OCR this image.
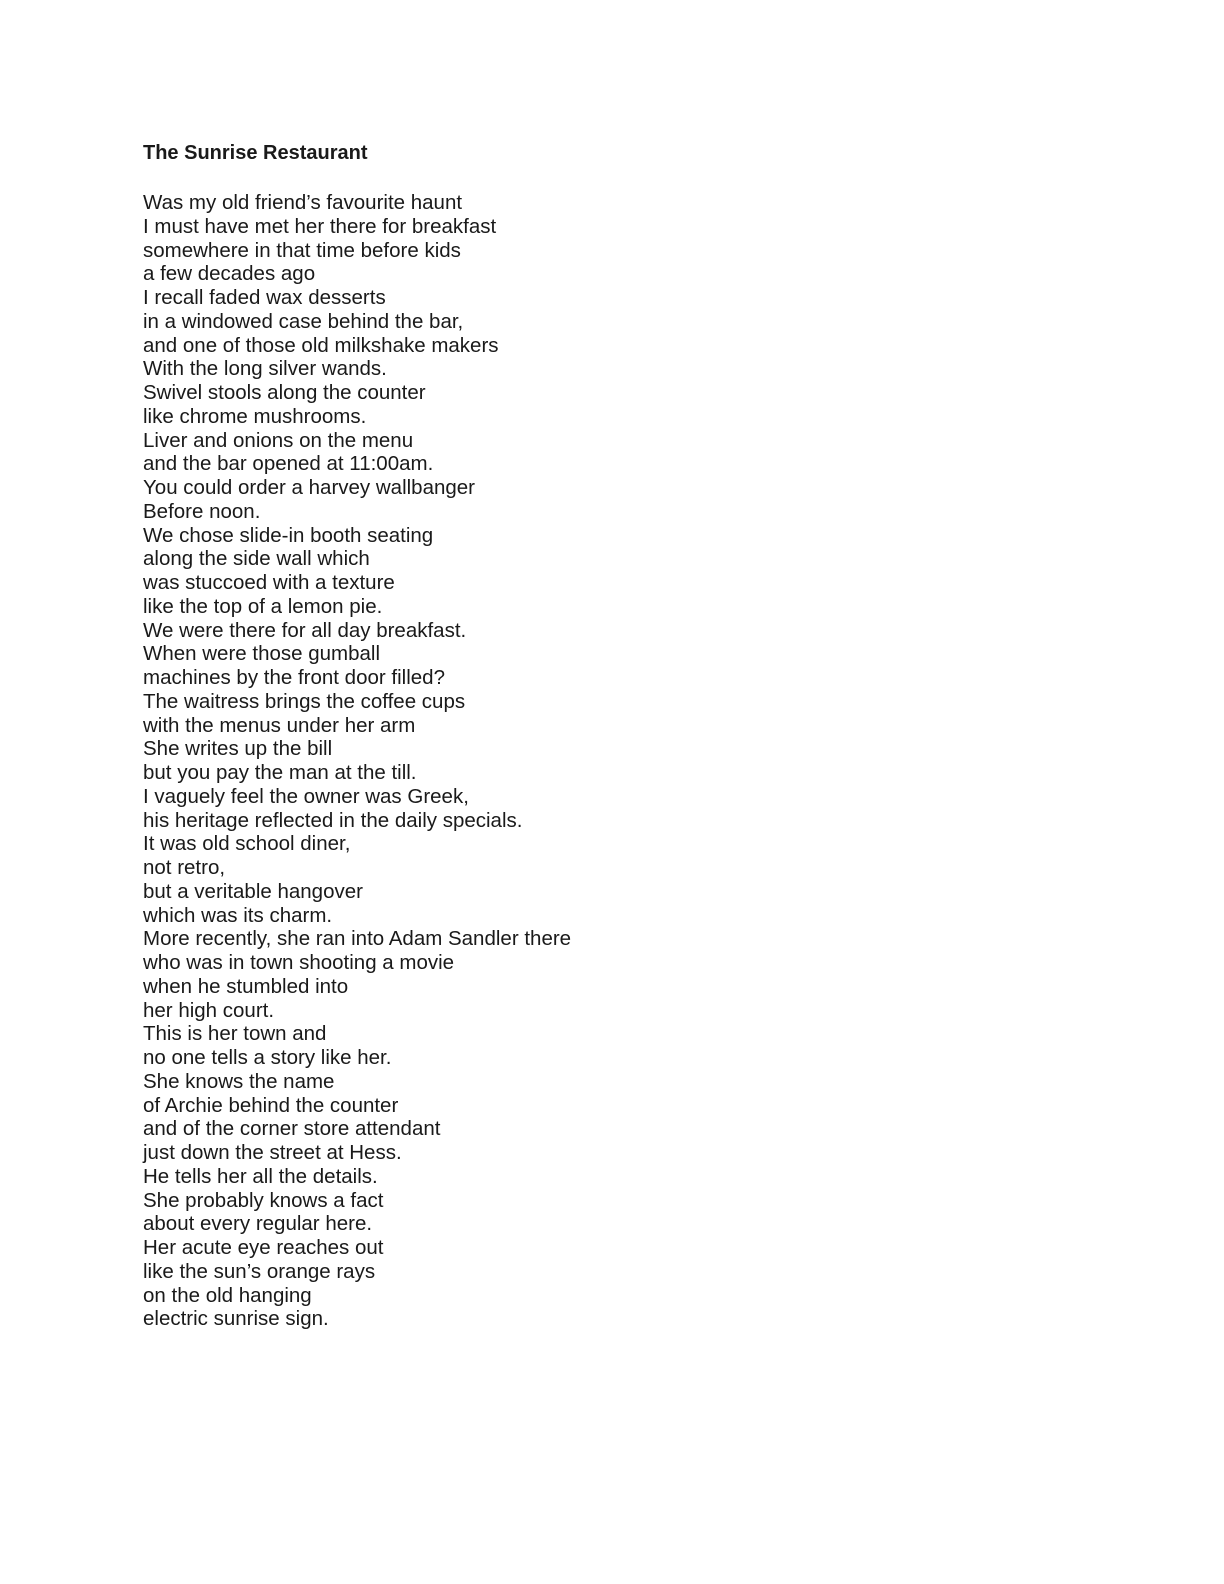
The Sunrise Restaurant
Was my old friend’s favourite haunt
I must have met her there for breakfast
somewhere in that time before kids
a few decades ago
I recall faded wax desserts
in a windowed case behind the bar,
and one of those old milkshake makers
With the long silver wands.
Swivel stools along the counter
like chrome mushrooms.
Liver and onions on the menu
and the bar opened at 11:00am.
You could order a harvey wallbanger
Before noon.
We chose slide-in booth seating
along the side wall which
was stuccoed with a texture
like the top of a lemon pie.
We were there for all day breakfast.
When were those gumball
machines by the front door filled?
The waitress brings the coffee cups
with the menus under her arm
She writes up the bill
but you pay the man at the till.
I vaguely feel the owner was Greek,
his heritage reflected in the daily specials.
It was old school diner,
not retro,
but a veritable hangover
which was its charm.
More recently, she ran into Adam Sandler there
who was in town shooting a movie
when he stumbled into
her high court.
This is her town and
no one tells a story like her.
She knows the name
of Archie behind the counter
and of the corner store attendant
just down the street at Hess.
He tells her all the details.
She probably knows a fact
about every regular here.
Her acute eye reaches out
like the sun’s orange rays
on the old hanging
electric sunrise sign.
